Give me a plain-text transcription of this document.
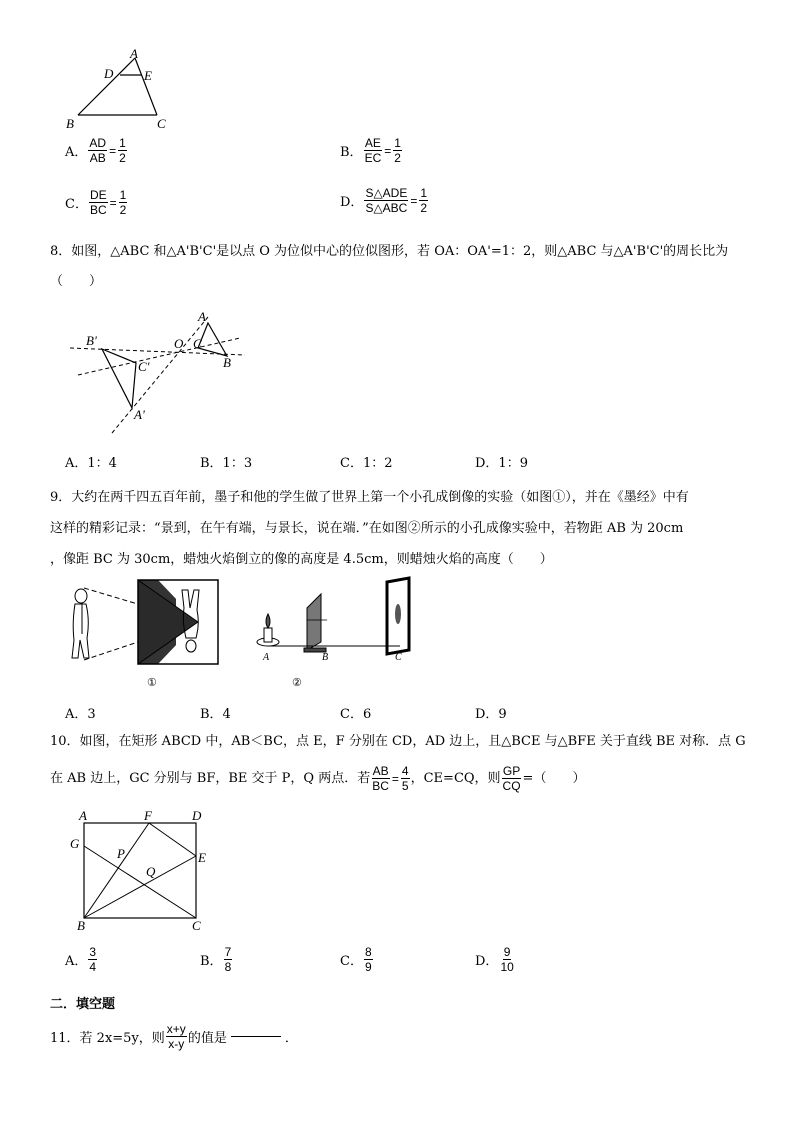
A
D E
B	C
A． $\frac{AD}{AB} = \frac{1}{2}$	B． $\frac{AE}{EC} = \frac{1}{2}$
C． $\frac{DE}{BC} = \frac{1}{2}$	D． $\frac{\text{S△ADE}}{\text{S△ABC}} = \frac{1}{2}$
8．如图，△ABC 和△A'B'C'是以点 O 为位似中心的位似图形，若 OA：OA'=1：2，则△ABC 与△A'B'C'的周长比为
（　　）
B'
C'
A'
O
A
C
B
A．1：4	B．1：3	C．1：2	D．1：9
9．大约在两千四五百年前，墨子和他的学生做了世界上第一个小孔成倒像的实验（如图①），并在《墨经》中有
这样的精彩记录：“景到，在午有端，与景长，说在端．”在如图②所示的小孔成像实验中，若物距 AB 为 20cm
，像距 BC 为 30cm，蜡烛火焰倒立的像的高度是 4.5cm，则蜡烛火焰的高度（　　）
①
A	B	C
②
A．3	B．4	C．6	D．9
10．如图，在矩形 ABCD 中，AB＜BC，点 E，F 分别在 CD，AD 边上，且△BCE 与△BFE 关于直线 BE 对称．点 G
在 AB 边上，GC 分别与 BF，BE 交于 P，Q 两点．若 $\frac{AB}{BC} = \frac{4}{5}$ ，CE=CQ，则 $\frac{GP}{CQ}$ =（　　）
A	F	D
G
P	E
Q
B	C
A． $\frac{3}{4}$	B． $\frac{7}{8}$	C． $\frac{8}{9}$	D． $\frac{9}{10}$
二．填空题
11．若 2x=5y，则 $\frac{x+y}{x-y}$ 的值是	．
